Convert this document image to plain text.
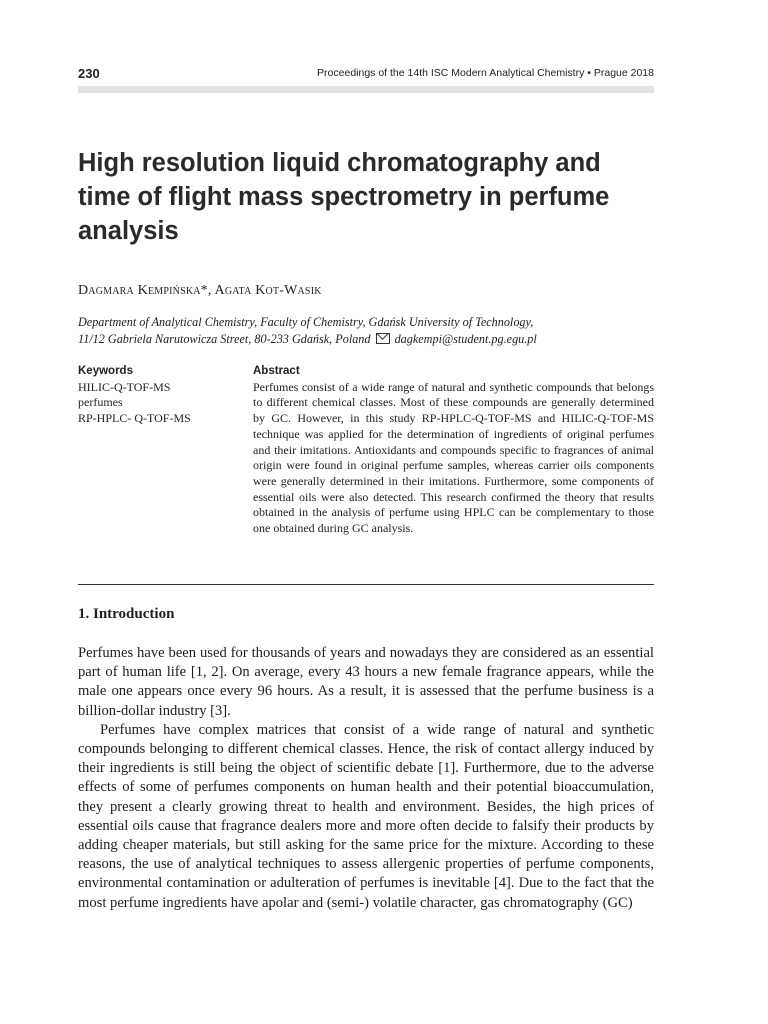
230	Proceedings of the 14th ISC Modern Analytical Chemistry • Prague 2018
High resolution liquid chromatography and time of flight mass spectrometry in perfume analysis
Dagmara Kempińska*, Agata Kot-Wasik
Department of Analytical Chemistry, Faculty of Chemistry, Gdańsk University of Technology,
11/12 Gabriela Narutowicza Street, 80-233 Gdańsk, Poland dagkempi@student.pg.egu.pl
Keywords
HILIC-Q-TOF-MS
perfumes
RP-HPLC- Q-TOF-MS
Abstract

Perfumes consist of a wide range of natural and synthetic compounds that belongs to different chemical classes. Most of these compounds are generally determined by GC. However, in this study RP-HPLC-Q-TOF-MS and HILIC-Q-TOF-MS technique was applied for the determination of ingredients of original perfumes and their imitations. Antioxidants and compounds specific to fragrances of animal origin were found in original perfume samples, whereas carrier oils components were generally determined in their imitations. Furthermore, some components of essential oils were also detected. This research confirmed the theory that results obtained in the analysis of perfume using HPLC can be complementary to those one obtained during GC analysis.

1. Introduction

Perfumes have been used for thousands of years and nowadays they are considered as an essential part of human life [1, 2]. On average, every 43 hours a new female fragrance appears, while the male one appears once every 96 hours. As a result, it is assessed that the perfume business is a billion-dollar industry [3].

Perfumes have complex matrices that consist of a wide range of natural and synthetic compounds belonging to different chemical classes. Hence, the risk of contact allergy induced by their ingredients is still being the object of scientific debate [1]. Furthermore, due to the adverse effects of some of perfumes components on human health and their potential bioaccumulation, they present a clearly growing threat to health and environment. Besides, the high prices of essential oils cause that fragrance dealers more and more often decide to falsify their products by adding cheaper materials, but still asking for the same price for the mixture. According to these reasons, the use of analytical techniques to assess allergenic properties of perfume components, environmental contamination or adulteration of perfumes is inevitable [4]. Due to the fact that the most perfume ingredients have apolar and (semi-) volatile character, gas chromatography (GC)
